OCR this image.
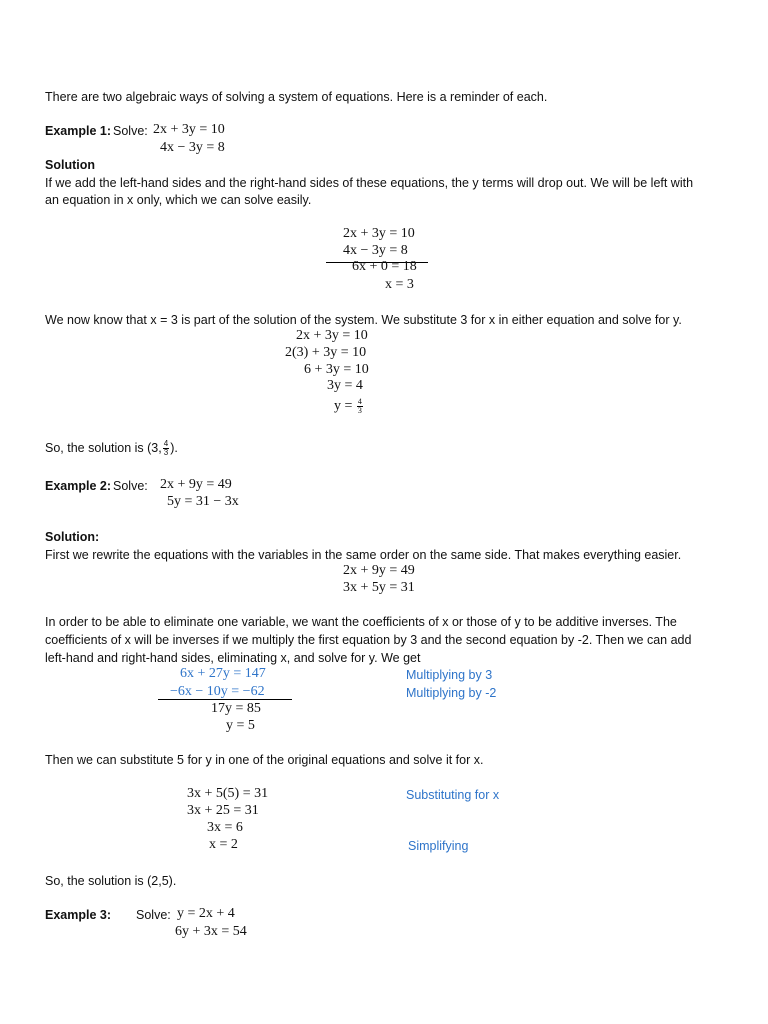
There are two algebraic ways of solving a system of equations. Here is a reminder of each.
Example 1: Solve: 2x + 3y = 10
4x − 3y = 8
Solution
If we add the left-hand sides and the right-hand sides of these equations, the y terms will drop out. We will be left with
an equation in x only, which we can solve easily.
2x + 3y = 10
4x − 3y = 8
6x + 0 = 18
x = 3
We now know that x = 3 is part of the solution of the system. We substitute 3 for x in either equation and solve for y.
2x + 3y = 10
2(3) + 3y = 10
6 + 3y = 10
3y = 4
$y = \frac{4}{3}$
So, the solution is (3, $\frac{4}{3}$ ).
Example 2: Solve: 2x + 9y = 49
5y = 31 − 3x
Solution:
First we rewrite the equations with the variables in the same order on the same side. That makes everything easier.
2x + 9y = 49
3x + 5y = 31
In order to be able to eliminate one variable, we want the coefficients of x or those of y to be additive inverses. The
coefficients of x will be inverses if we multiply the first equation by 3 and the second equation by -2. Then we can add
left-hand and right-hand sides, eliminating x, and solve for y. We get
6x + 27y = 147	Multiplying by 3
−6x − 10y = −62	Multiplying by -2
17y = 85
y = 5
Then we can substitute 5 for y in one of the original equations and solve it for x.
3x + 5(5) = 31	Substituting for x
3x + 25 = 31
3x = 6
x = 2	Simplifying
So, the solution is (2,5).
Example 3: Solve: y = 2x + 4
6y + 3x = 54
